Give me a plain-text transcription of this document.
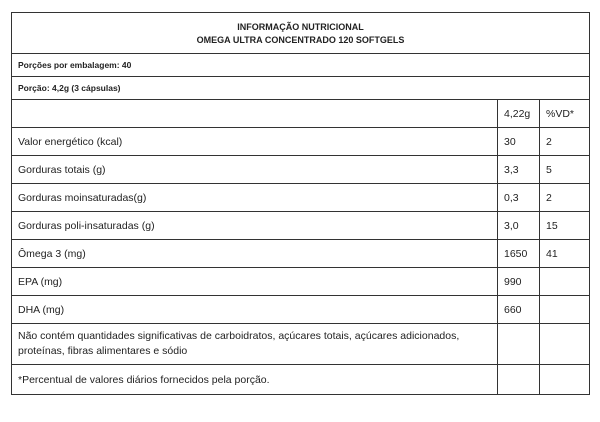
INFORMAÇÃO NUTRICIONAL
OMEGA ULTRA CONCENTRADO 120 SOFTGELS		

Porções por embalagem: 40		
Porção: 4,2g (3 cápsulas)		
	4,22g	%VD*
Valor energético (kcal)	30	2
Gorduras totais (g)	3,3	5
Gorduras moinsaturadas(g)	0,3	2
Gorduras poli-insaturadas (g)	3,0	15
Ômega 3 (mg)	1650	41
EPA (mg)	990	
DHA (mg)	660	
Não contém quantidades significativas de carboidratos, açúcares totais, açúcares adicionados, proteínas, fibras alimentares e sódio		
*Percentual de valores diários fornecidos pela porção.		
